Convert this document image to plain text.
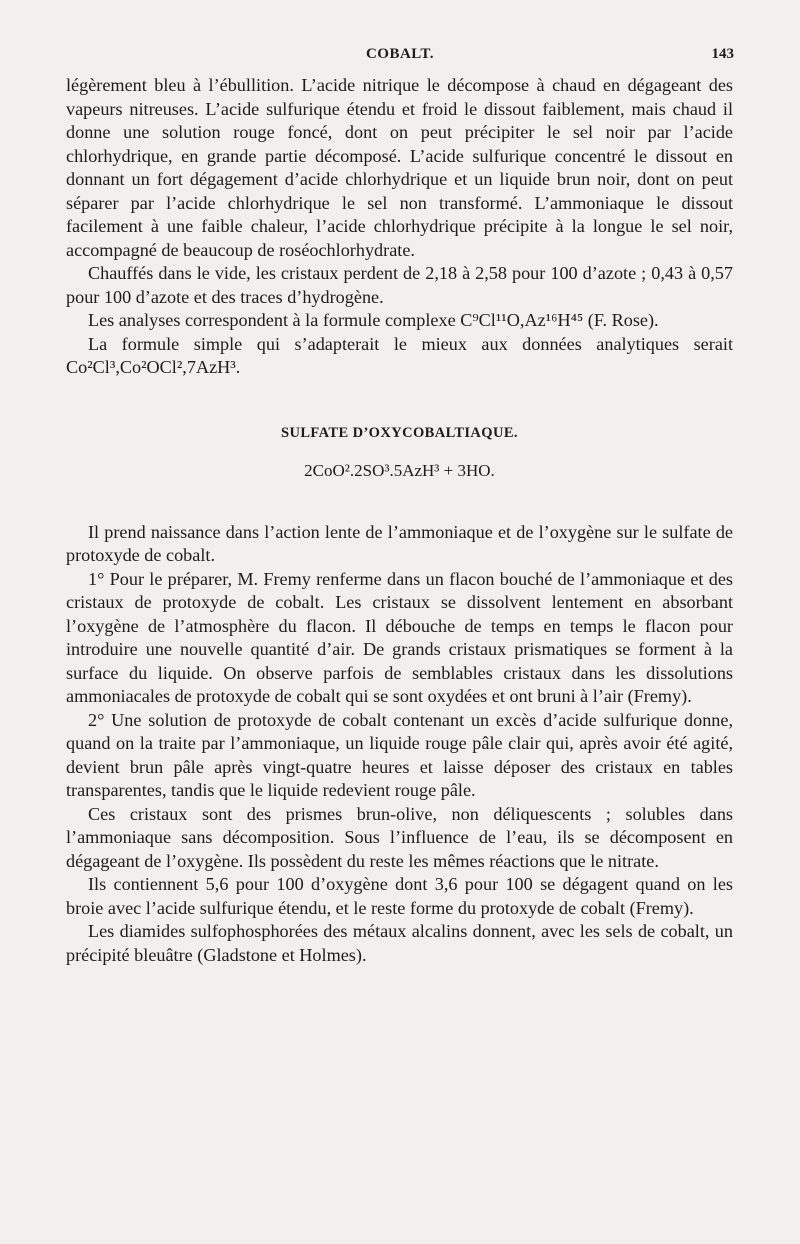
COBALT.	143

légèrement bleu à l’ébullition. L’acide nitrique le décompose à chaud en dégageant des vapeurs nitreuses. L’acide sulfurique étendu et froid le dissout faiblement, mais chaud il donne une solution rouge foncé, dont on peut précipiter le sel noir par l’acide chlorhydrique, en grande partie décomposé. L’acide sulfurique concentré le dissout en donnant un fort dégagement d’acide chlorhydrique et un liquide brun noir, dont on peut séparer par l’acide chlorhydrique le sel non transformé. L’ammoniaque le dissout facilement à une faible chaleur, l’acide chlorhydrique précipite à la longue le sel noir, accompagné de beaucoup de roséochlorhydrate.

Chauffés dans le vide, les cristaux perdent de 2,18 à 2,58 pour 100 d’azote ; 0,43 à 0,57 pour 100 d’azote et des traces d’hydrogène.

Les analyses correspondent à la formule complexe C⁹Cl¹¹O,Az¹⁶H⁴⁵ (F. Rose).

La formule simple qui s’adapterait le mieux aux données analytiques serait Co²Cl³,Co²OCl²,7AzH³.

SULFATE D’OXYCOBALTIAQUE.
2CoO².2SO³.5AzH³ + 3HO.

Il prend naissance dans l’action lente de l’ammoniaque et de l’oxygène sur le sulfate de protoxyde de cobalt.

1° Pour le préparer, M. Fremy renferme dans un flacon bouché de l’ammoniaque et des cristaux de protoxyde de cobalt. Les cristaux se dissolvent lentement en absorbant l’oxygène de l’atmosphère du flacon. Il débouche de temps en temps le flacon pour introduire une nouvelle quantité d’air. De grands cristaux prismatiques se forment à la surface du liquide. On observe parfois de semblables cristaux dans les dissolutions ammoniacales de protoxyde de cobalt qui se sont oxydées et ont bruni à l’air (Fremy).

2° Une solution de protoxyde de cobalt contenant un excès d’acide sulfurique donne, quand on la traite par l’ammoniaque, un liquide rouge pâle clair qui, après avoir été agité, devient brun pâle après vingt-quatre heures et laisse déposer des cristaux en tables transparentes, tandis que le liquide redevient rouge pâle.

Ces cristaux sont des prismes brun-olive, non déliquescents ; solubles dans l’ammoniaque sans décomposition. Sous l’influence de l’eau, ils se décomposent en dégageant de l’oxygène. Ils possèdent du reste les mêmes réactions que le nitrate.

Ils contiennent 5,6 pour 100 d’oxygène dont 3,6 pour 100 se dégagent quand on les broie avec l’acide sulfurique étendu, et le reste forme du protoxyde de cobalt (Fremy).

Les diamides sulfophosphorées des métaux alcalins donnent, avec les sels de cobalt, un précipité bleuâtre (Gladstone et Holmes).
